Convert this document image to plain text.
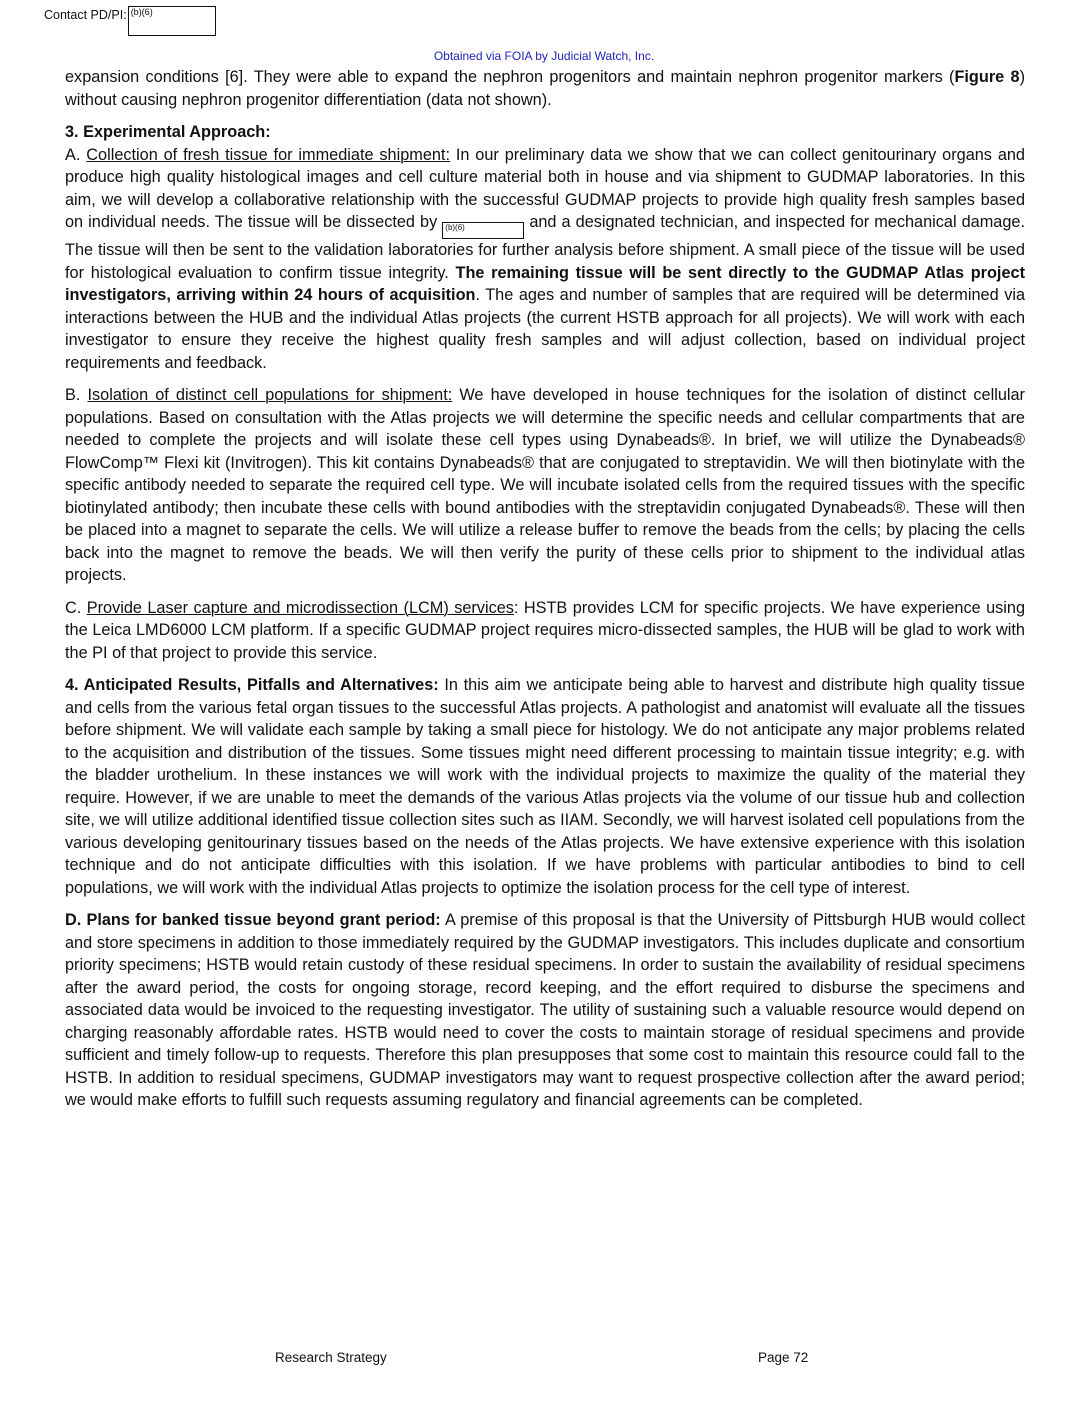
Contact PD/PI: (b)(6)
Obtained via FOIA by Judicial Watch, Inc.

expansion conditions [6]. They were able to expand the nephron progenitors and maintain nephron progenitor markers (Figure 8) without causing nephron progenitor differentiation (data not shown).

3. Experimental Approach:

A. Collection of fresh tissue for immediate shipment: In our preliminary data we show that we can collect genitourinary organs and produce high quality histological images and cell culture material both in house and via shipment to GUDMAP laboratories. In this aim, we will develop a collaborative relationship with the successful GUDMAP projects to provide high quality fresh samples based on individual needs. The tissue will be dissected by (b)(6)	and a designated technician, and inspected for mechanical damage. The tissue will then be sent to the validation laboratories for further analysis before shipment. A small piece of the tissue will be used for histological evaluation to confirm tissue integrity. The remaining tissue will be sent directly to the GUDMAP Atlas project investigators, arriving within 24 hours of acquisition. The ages and number of samples that are required will be determined via interactions between the HUB and the individual Atlas projects (the current HSTB approach for all projects). We will work with each investigator to ensure they receive the highest quality fresh samples and will adjust collection, based on individual project requirements and feedback.

B. Isolation of distinct cell populations for shipment: We have developed in house techniques for the isolation of distinct cellular populations. Based on consultation with the Atlas projects we will determine the specific needs and cellular compartments that are needed to complete the projects and will isolate these cell types using Dynabeads®. In brief, we will utilize the Dynabeads® FlowComp™ Flexi kit (Invitrogen). This kit contains Dynabeads® that are conjugated to streptavidin. We will then biotinylate with the specific antibody needed to separate the required cell type. We will incubate isolated cells from the required tissues with the specific biotinylated antibody; then incubate these cells with bound antibodies with the streptavidin conjugated Dynabeads®. These will then be placed into a magnet to separate the cells. We will utilize a release buffer to remove the beads from the cells; by placing the cells back into the magnet to remove the beads. We will then verify the purity of these cells prior to shipment to the individual atlas projects.

C. Provide Laser capture and microdissection (LCM) services: HSTB provides LCM for specific projects. We have experience using the Leica LMD6000 LCM platform. If a specific GUDMAP project requires micro-dissected samples, the HUB will be glad to work with the PI of that project to provide this service.

4. Anticipated Results, Pitfalls and Alternatives: In this aim we anticipate being able to harvest and distribute high quality tissue and cells from the various fetal organ tissues to the successful Atlas projects. A pathologist and anatomist will evaluate all the tissues before shipment. We will validate each sample by taking a small piece for histology. We do not anticipate any major problems related to the acquisition and distribution of the tissues. Some tissues might need different processing to maintain tissue integrity; e.g. with the bladder urothelium. In these instances we will work with the individual projects to maximize the quality of the material they require. However, if we are unable to meet the demands of the various Atlas projects via the volume of our tissue hub and collection site, we will utilize additional identified tissue collection sites such as IIAM. Secondly, we will harvest isolated cell populations from the various developing genitourinary tissues based on the needs of the Atlas projects. We have extensive experience with this isolation technique and do not anticipate difficulties with this isolation. If we have problems with particular antibodies to bind to cell populations, we will work with the individual Atlas projects to optimize the isolation process for the cell type of interest.

D. Plans for banked tissue beyond grant period: A premise of this proposal is that the University of Pittsburgh HUB would collect and store specimens in addition to those immediately required by the GUDMAP investigators. This includes duplicate and consortium priority specimens; HSTB would retain custody of these residual specimens. In order to sustain the availability of residual specimens after the award period, the costs for ongoing storage, record keeping, and the effort required to disburse the specimens and associated data would be invoiced to the requesting investigator. The utility of sustaining such a valuable resource would depend on charging reasonably affordable rates. HSTB would need to cover the costs to maintain storage of residual specimens and provide sufficient and timely follow-up to requests. Therefore this plan presupposes that some cost to maintain this resource could fall to the HSTB. In addition to residual specimens, GUDMAP investigators may want to request prospective collection after the award period; we would make efforts to fulfill such requests assuming regulatory and financial agreements can be completed.

Research Strategy	Page 72
